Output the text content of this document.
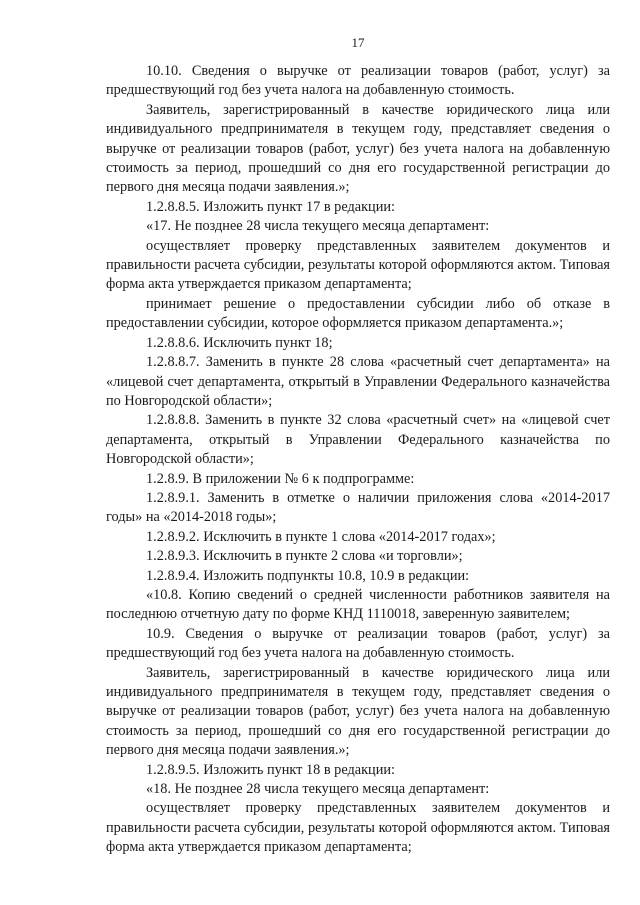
17

10.10. Сведения о выручке от реализации товаров (работ, услуг) за предшествующий год без учета налога на добавленную стоимость.

Заявитель, зарегистрированный в качестве юридического лица или индивидуального предпринимателя в текущем году, представляет сведения о выручке от реализации товаров (работ, услуг) без учета налога на добавленную стоимость за период, прошедший со дня его государственной регистрации до первого дня месяца подачи заявления.»;

1.2.8.8.5. Изложить пункт 17 в редакции:

«17. Не позднее 28 числа текущего месяца департамент:

осуществляет проверку представленных заявителем документов и правильности расчета субсидии, результаты которой оформляются актом. Типовая форма акта утверждается приказом департамента;

принимает решение о предоставлении субсидии либо об отказе в предоставлении субсидии, которое оформляется приказом департамента.»;

1.2.8.8.6. Исключить пункт 18;

1.2.8.8.7. Заменить в пункте 28 слова «расчетный счет департамента» на «лицевой счет департамента, открытый в Управлении Федерального казначейства по Новгородской области»;

1.2.8.8.8. Заменить в пункте 32 слова «расчетный счет» на «лицевой счет департамента, открытый в Управлении Федерального казначейства по Новгородской области»;

1.2.8.9. В приложении № 6 к подпрограмме:

1.2.8.9.1. Заменить в отметке о наличии приложения слова «2014-2017 годы» на «2014-2018 годы»;

1.2.8.9.2. Исключить в пункте 1 слова «2014-2017 годах»;

1.2.8.9.3. Исключить в пункте 2 слова «и торговли»;

1.2.8.9.4. Изложить подпункты 10.8, 10.9 в редакции:

«10.8. Копию сведений о средней численности работников заявителя на последнюю отчетную дату по форме КНД 1110018, заверенную заявителем;

10.9. Сведения о выручке от реализации товаров (работ, услуг) за предшествующий год без учета налога на добавленную стоимость.

Заявитель, зарегистрированный в качестве юридического лица или индивидуального предпринимателя в текущем году, представляет сведения о выручке от реализации товаров (работ, услуг) без учета налога на добавленную стоимость за период, прошедший со дня его государственной регистрации до первого дня месяца подачи заявления.»;

1.2.8.9.5. Изложить пункт 18 в редакции:

«18. Не позднее 28 числа текущего месяца департамент:

осуществляет проверку представленных заявителем документов и правильности расчета субсидии, результаты которой оформляются актом. Типовая форма акта утверждается приказом департамента;
